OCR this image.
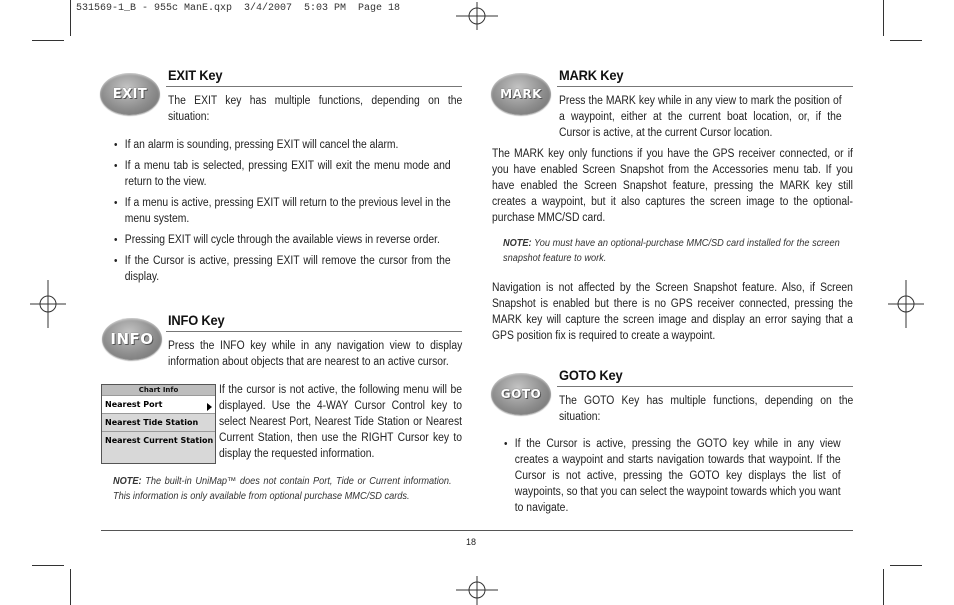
531569-1_B - 955c ManE.qxp  3/4/2007  5:03 PM  Page 18
EXIT
EXIT Key
The EXIT key has multiple functions, depending on the situation:
• If an alarm is sounding, pressing EXIT will cancel the alarm.
• If a menu tab is selected, pressing EXIT will exit the menu mode and return to the view.
• If a menu is active, pressing EXIT will return to the previous level in the menu system.
• Pressing EXIT will cycle through the available views in reverse order.
• If the Cursor is active, pressing EXIT will remove the cursor from the display.
INFO
INFO Key
Press the INFO key while in any navigation view to display information about objects that are nearest to an active cursor.
Chart Info
Nearest Port
Nearest Tide Station
Nearest Current Station
If the cursor is not active, the following menu will be displayed. Use the 4-WAY Cursor Control key to select Nearest Port, Nearest Tide Station or Nearest Current Station, then use the RIGHT Cursor key to display the requested information.
NOTE: The built-in UniMap™ does not contain Port, Tide or Current information. This information is only available from optional purchase MMC/SD cards.
MARK
MARK Key
Press the MARK key while in any view to mark the position of a waypoint, either at the current boat location, or, if the Cursor is active, at the current Cursor location.
The MARK key only functions if you have the GPS receiver connected, or if you have enabled Screen Snapshot from the Accessories menu tab. If you have enabled the Screen Snapshot feature, pressing the MARK key still creates a waypoint, but it also captures the screen image to the optional-purchase MMC/SD card.
NOTE: You must have an optional-purchase MMC/SD card installed for the screen snapshot feature to work.
Navigation is not affected by the Screen Snapshot feature. Also, if Screen Snapshot is enabled but there is no GPS receiver connected, pressing the MARK key will capture the screen image and display an error saying that a GPS position fix is required to create a waypoint.
GOTO
GOTO Key
The GOTO Key has multiple functions, depending on the situation:
• If the Cursor is active, pressing the GOTO key while in any view creates a waypoint and starts navigation towards that waypoint. If the Cursor is not active, pressing the GOTO key displays the list of waypoints, so that you can select the waypoint towards which you want to navigate.
18
